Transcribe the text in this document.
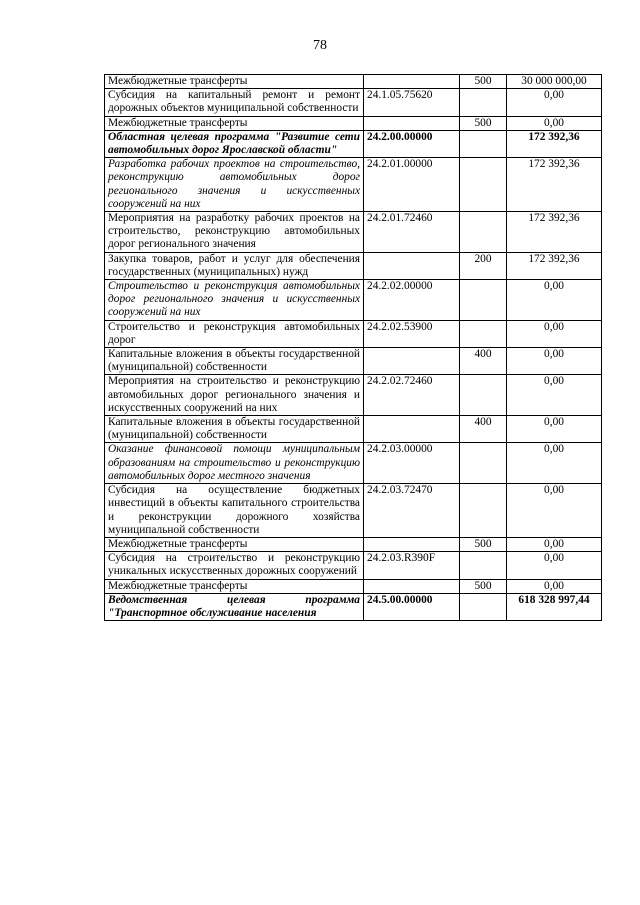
78
Межбюджетные трансферты		500	30 000 000,00
Субсидия на капитальный ремонт и ремонт дорожных объектов муниципальной собственности	24.1.05.75620		0,00
Межбюджетные трансферты		500	0,00
Областная целевая программа "Развитие сети автомобильных дорог Ярославской области"	24.2.00.00000		172 392,36
Разработка рабочих проектов на строительство, реконструкцию автомобильных дорог регионального значения и искусственных сооружений на них	24.2.01.00000		172 392,36
Мероприятия на разработку рабочих проектов на строительство, реконструкцию автомобильных дорог регионального значения	24.2.01.72460		172 392,36
Закупка товаров, работ и услуг для обеспечения государственных (муниципальных) нужд		200	172 392,36
Строительство и реконструкция автомобильных дорог регионального значения и искусственных сооружений на них	24.2.02.00000		0,00
Строительство и реконструкция автомобильных дорог	24.2.02.53900		0,00
Капитальные вложения в объекты государственной (муниципальной) собственности		400	0,00
Мероприятия на строительство и реконструкцию автомобильных дорог регионального значения и искусственных сооружений на них	24.2.02.72460		0,00
Капитальные вложения в объекты государственной (муниципальной) собственности		400	0,00
Оказание финансовой помощи муниципальным образованиям на строительство и реконструкцию автомобильных дорог местного значения	24.2.03.00000		0,00
Субсидия на осуществление бюджетных инвестиций в объекты капитального строительства и реконструкции дорожного хозяйства муниципальной собственности	24.2.03.72470		0,00
Межбюджетные трансферты		500	0,00
Субсидия на строительство и реконструкцию уникальных искусственных дорожных сооружений	24.2.03.R390F		0,00
Межбюджетные трансферты		500	0,00
Ведомственная целевая программа "Транспортное обслуживание населения	24.5.00.00000		618 328 997,44
